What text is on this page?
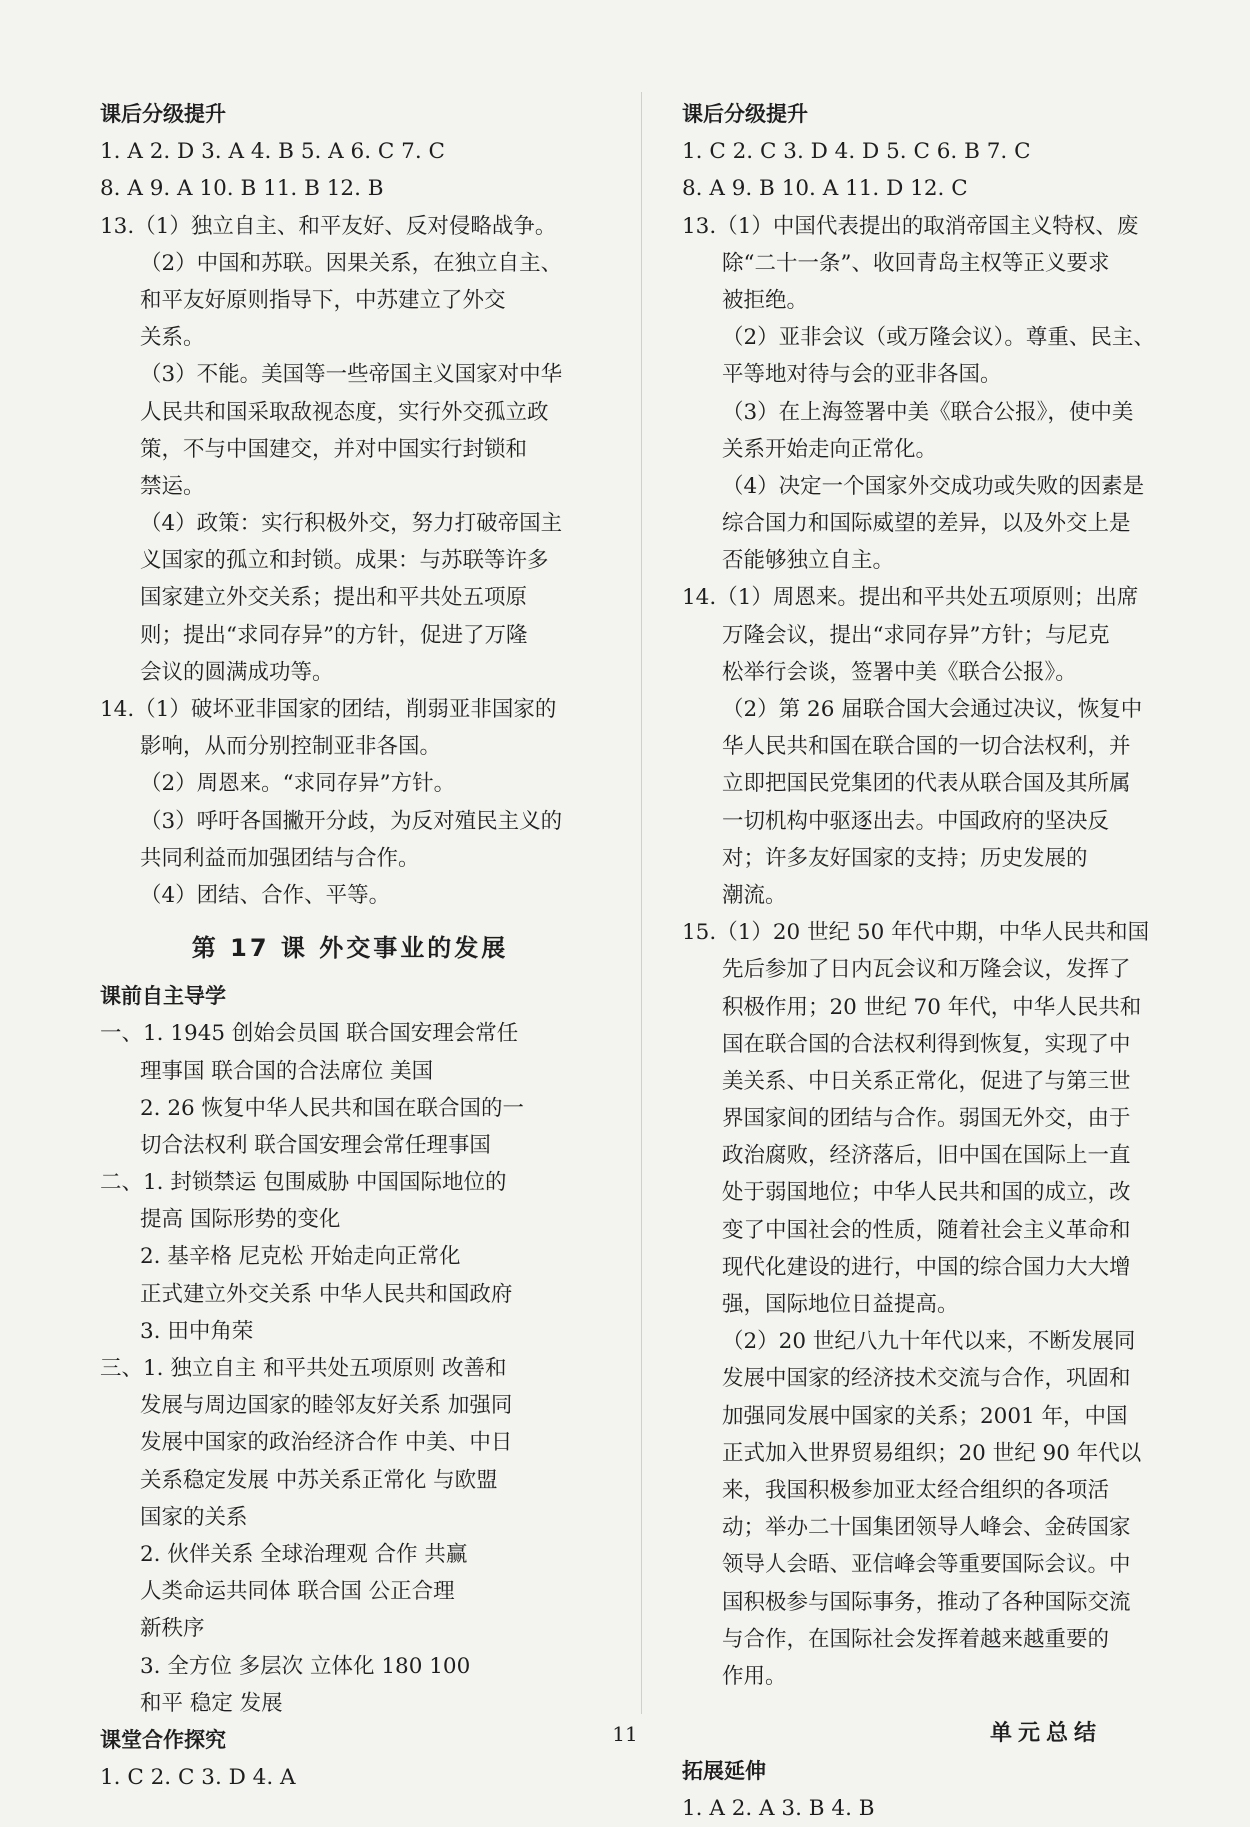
课后分级提升
1. A 2. D 3. A 4. B 5. A 6. C 7. C
8. A 9. A 10. B 11. B 12. B
13.（1）独立自主、和平友好、反对侵略战争。
（2）中国和苏联。因果关系，在独立自主、
和平友好原则指导下，中苏建立了外交
关系。
（3）不能。美国等一些帝国主义国家对中华
人民共和国采取敌视态度，实行外交孤立政
策，不与中国建交，并对中国实行封锁和
禁运。
（4）政策：实行积极外交，努力打破帝国主
义国家的孤立和封锁。成果：与苏联等许多
国家建立外交关系；提出和平共处五项原
则；提出“求同存异”的方针，促进了万隆
会议的圆满成功等。
14.（1）破坏亚非国家的团结，削弱亚非国家的
影响，从而分别控制亚非各国。
（2）周恩来。“求同存异”方针。
（3）呼吁各国撇开分歧，为反对殖民主义的
共同利益而加强团结与合作。
（4）团结、合作、平等。
第 17 课 外交事业的发展
课前自主导学
一、1. 1945 创始会员国 联合国安理会常任
理事国 联合国的合法席位 美国
2. 26 恢复中华人民共和国在联合国的一
切合法权利 联合国安理会常任理事国
二、1. 封锁禁运 包围威胁 中国国际地位的
提高 国际形势的变化
2. 基辛格 尼克松 开始走向正常化
正式建立外交关系 中华人民共和国政府
3. 田中角荣
三、1. 独立自主 和平共处五项原则 改善和
发展与周边国家的睦邻友好关系 加强同
发展中国家的政治经济合作 中美、中日
关系稳定发展 中苏关系正常化 与欧盟
国家的关系
2. 伙伴关系 全球治理观 合作 共赢
人类命运共同体 联合国 公正合理
新秩序
3. 全方位 多层次 立体化 180 100
和平 稳定 发展
课堂合作探究
1. C 2. C 3. D 4. A
课后分级提升
1. C 2. C 3. D 4. D 5. C 6. B 7. C
8. A 9. B 10. A 11. D 12. C
13.（1）中国代表提出的取消帝国主义特权、废
除“二十一条”、收回青岛主权等正义要求
被拒绝。
（2）亚非会议（或万隆会议）。尊重、民主、
平等地对待与会的亚非各国。
（3）在上海签署中美《联合公报》，使中美
关系开始走向正常化。
（4）决定一个国家外交成功或失败的因素是
综合国力和国际威望的差异，以及外交上是
否能够独立自主。
14.（1）周恩来。提出和平共处五项原则；出席
万隆会议，提出“求同存异”方针；与尼克
松举行会谈，签署中美《联合公报》。
（2）第 26 届联合国大会通过决议，恢复中
华人民共和国在联合国的一切合法权利，并
立即把国民党集团的代表从联合国及其所属
一切机构中驱逐出去。中国政府的坚决反
对；许多友好国家的支持；历史发展的
潮流。
15.（1）20 世纪 50 年代中期，中华人民共和国
先后参加了日内瓦会议和万隆会议，发挥了
积极作用；20 世纪 70 年代，中华人民共和
国在联合国的合法权利得到恢复，实现了中
美关系、中日关系正常化，促进了与第三世
界国家间的团结与合作。弱国无外交，由于
政治腐败，经济落后，旧中国在国际上一直
处于弱国地位；中华人民共和国的成立，改
变了中国社会的性质，随着社会主义革命和
现代化建设的进行，中国的综合国力大大增
强，国际地位日益提高。
（2）20 世纪八九十年代以来，不断发展同
发展中国家的经济技术交流与合作，巩固和
加强同发展中国家的关系；2001 年，中国
正式加入世界贸易组织；20 世纪 90 年代以
来，我国积极参加亚太经合组织的各项活
动；举办二十国集团领导人峰会、金砖国家
领导人会晤、亚信峰会等重要国际会议。中
国积极参与国际事务，推动了各种国际交流
与合作，在国际社会发挥着越来越重要的
作用。
单元总结
拓展延伸
1. A 2. A 3. B 4. B
11
